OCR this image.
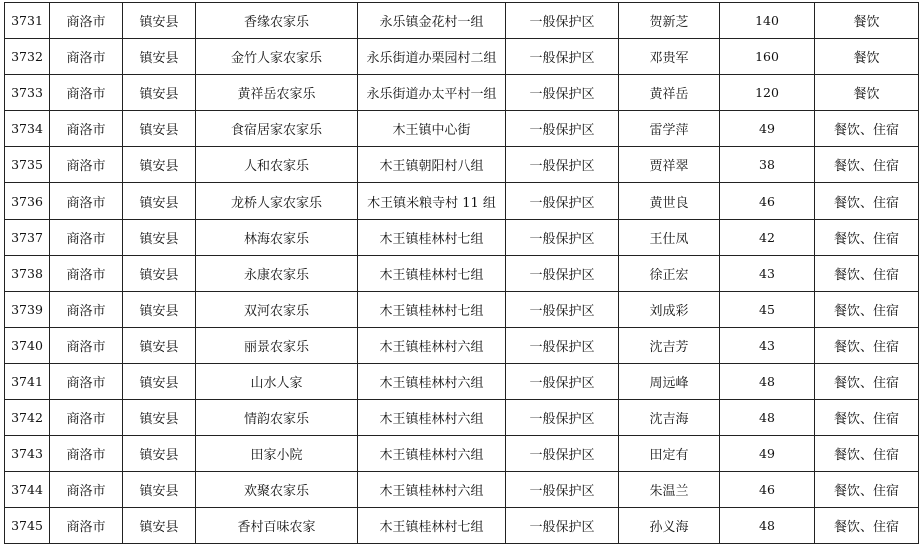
3731	商洛市	镇安县	香缘农家乐	永乐镇金花村一组	一般保护区	贺新芝	140	餐饮
3732	商洛市	镇安县	金竹人家农家乐	永乐街道办栗园村二组	一般保护区	邓贵军	160	餐饮
3733	商洛市	镇安县	黄祥岳农家乐	永乐街道办太平村一组	一般保护区	黄祥岳	120	餐饮
3734	商洛市	镇安县	食宿居家农家乐	木王镇中心街	一般保护区	雷学萍	49	餐饮、住宿
3735	商洛市	镇安县	人和农家乐	木王镇朝阳村八组	一般保护区	贾祥翠	38	餐饮、住宿
3736	商洛市	镇安县	龙桥人家农家乐	木王镇米粮寺村 11 组	一般保护区	黄世良	46	餐饮、住宿
3737	商洛市	镇安县	林海农家乐	木王镇桂林村七组	一般保护区	王仕凤	42	餐饮、住宿
3738	商洛市	镇安县	永康农家乐	木王镇桂林村七组	一般保护区	徐正宏	43	餐饮、住宿
3739	商洛市	镇安县	双河农家乐	木王镇桂林村七组	一般保护区	刘成彩	45	餐饮、住宿
3740	商洛市	镇安县	丽景农家乐	木王镇桂林村六组	一般保护区	沈吉芳	43	餐饮、住宿
3741	商洛市	镇安县	山水人家	木王镇桂林村六组	一般保护区	周远峰	48	餐饮、住宿
3742	商洛市	镇安县	情韵农家乐	木王镇桂林村六组	一般保护区	沈吉海	48	餐饮、住宿
3743	商洛市	镇安县	田家小院	木王镇桂林村六组	一般保护区	田定有	49	餐饮、住宿
3744	商洛市	镇安县	欢聚农家乐	木王镇桂林村六组	一般保护区	朱温兰	46	餐饮、住宿
3745	商洛市	镇安县	香村百味农家	木王镇桂林村七组	一般保护区	孙义海	48	餐饮、住宿
